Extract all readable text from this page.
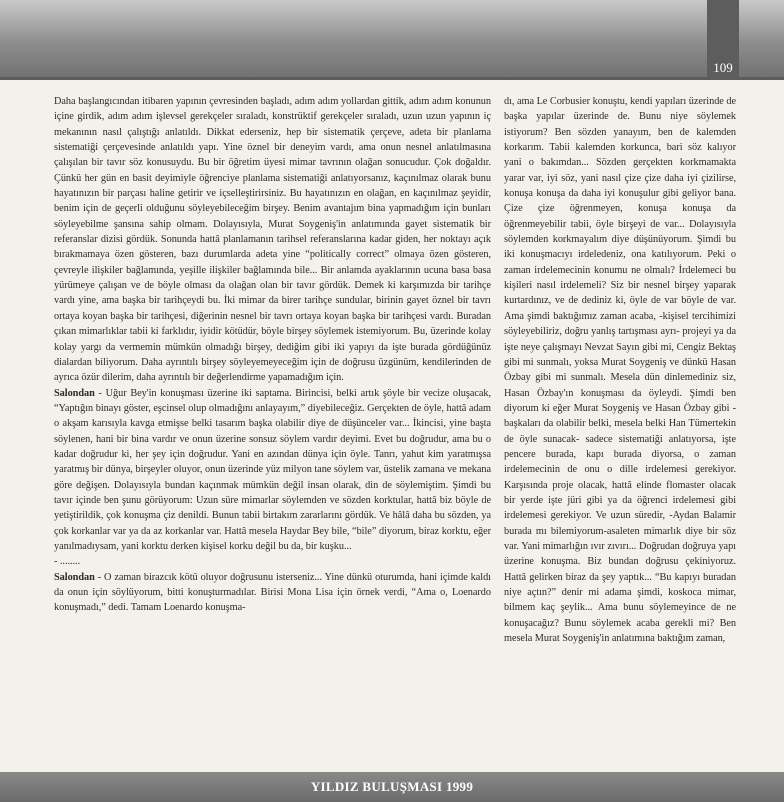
109

Daha başlangıcından itibaren yapının çevresinden başladı, adım adım yollardan gittik, adım adım konunun içine girdik, adım adım işlevsel gerekçeler sıraladı, konstrüktif gerekçeler sıraladı, uzun uzun yapının iç mekanının nasıl çalıştığı anlatıldı. Dikkat ederseniz, hep bir sistematik çerçeve, adeta bir planlama sistematiği çerçevesinde anlatıldı yapı. Yine öznel bir deneyim vardı, ama onun nesnel anlatılmasına çalışılan bir tavır söz konusuydu. Bu bir öğretim üyesi mimar tavrının olağan sonucudur. Çok doğaldır. Çünkü her gün en basit deyimiyle öğrenciye planlama sistematiği anlatıyorsanız, kaçınılmaz olarak bunu hayatınızın bir parçası haline getirir ve içselleştirirsiniz. Bu hayatınızın en olağan, en kaçınılmaz şeyidir, benim için de geçerli olduğunu söyleyebileceğim birşey. Benim avantajım bina yapmadığım için bunları söyleyebilme şansına sahip olmam. Dolayısıyla, Murat Soygeniş'in anlatımında gayet sistematik bir referanslar dizisi gördük. Sonunda hattâ planlamanın tarihsel referanslarına kadar giden, her noktayı açık bırakmamaya özen gösteren, bazı durumlarda adeta yine “politically correct” olmaya özen gösteren, çevreyle ilişkiler bağlamında, yeşille ilişkiler bağlamında bile... Bir anlamda ayaklarının ucuna basa basa yürümeye çalışan ve de böyle olması da olağan olan bir tavır gördük. Demek ki karşımızda bir tarihçe vardı yine, ama başka bir tarihçeydi bu. İki mimar da birer tarihçe sundular, birinin gayet öznel bir tavrı ortaya koyan başka bir tarihçesi, diğerinin nesnel bir tavrı ortaya koyan başka bir tarihçesi vardı. Buradan çıkan mimarlıklar tabii ki farklıdır, iyidir kötüdür, böyle birşey söylemek istemiyorum. Bu, üzerinde kolay kolay yargı da vermemin mümkün olmadığı birşey, dediğim gibi iki yapıyı da işte burada gördüğünüz dialardan biliyorum. Daha ayrıntılı birşey söyleyemeyeceğim için de doğrusu üzgünüm, kendilerinden de ayrıca özür dilerim, daha ayrıntılı bir değerlendirme yapamadığım için.

Salondan - Uğur Bey'in konuşması üzerine iki saptama. Birincisi, belki artık şöyle bir vecize oluşacak, “Yaptığın binayı göster, eşcinsel olup olmadığını anlayayım,” diyebileceğiz. Gerçekten de öyle, hattâ adam o akşam karısıyla kavga etmişse belki tasarım başka olabilir diye de düşünceler var... İkincisi, yine başta söylenen, hani bir bina vardır ve onun üzerine sonsuz söylem vardır deyimi. Evet bu doğrudur, ama bu o kadar doğrudur ki, her şey için doğrudur. Yani en azından dünya için öyle. Tanrı, yahut kim yaratmışsa yaratmış bir dünya, birşeyler oluyor, onun üzerinde yüz milyon tane söylem var, üstelik zamana ve mekana göre değişen. Dolayısıyla bundan kaçınmak mümkün değil insan olarak, din de söylemiştim. Şimdi bu tavır içinde ben şunu görüyorum: Uzun süre mimarlar söylemden ve sözden korktular, hattâ biz böyle de yetiştirildik, çok konuşma çiz denildi. Bunun tabii birtakım zararlarını gördük. Ve hâlâ daha bu sözden, ya çok korkanlar var ya da az korkanlar var. Hattâ mesela Haydar Bey bile, “bile” diyorum, biraz korktu, eğer yanılmadıysam, yani korktu derken kişisel korku değil bu da, bir kuşku...

- ........

Salondan - O zaman birazcık kötü oluyor doğrusunu isterseniz... Yine dünkü oturumda, hani içimde kaldı da onun için söylüyorum, bitti konuşturmadılar. Birisi Mona Lisa için örnek verdi, “Ama o, Loenardo konuşmadı,” dedi. Tamam Loenardo konuşma-

dı, ama Le Corbusier konuştu, kendi yapıları üzerinde de başka yapılar üzerinde de. Bunu niye söylemek istiyorum? Ben sözden yanayım, ben de kalemden korkarım. Tabii kalemden korkunca, bari söz kalıyor yani o bakımdan... Sözden gerçekten korkmamakta yarar var, iyi söz, yani nasıl çize çize daha iyi çizilirse, konuşa konuşa da daha iyi konuşulur gibi geliyor bana. Çize çize öğrenmeyen, konuşa konuşa da öğrenmeyebilir tabii, öyle birşeyi de var... Dolayısıyla söylemden korkmayalım diye düşünüyorum. Şimdi bu iki konuşmacıyı irdeledeniz, ona katılıyorum. Peki o zaman irdelemecinin konumu ne olmalı? İrdelemeci bu kişileri nasıl irdelemeli? Siz bir nesnel birşey yaparak kurtardınız, ve de dediniz ki, öyle de var böyle de var. Ama şimdi baktığımız zaman acaba, -kişisel tercihimizi söyleyebiliriz, doğru yanlış tartışması ayrı- projeyi ya da işte neye çalışmayı Nevzat Sayın gibi mi, Cengiz Bektaş gibi mi sunmalı, yoksa Murat Soygeniş ve dünkü Hasan Özbay gibi mi sunmalı. Mesela dün dinlemediniz siz, Hasan Özbay'ın konuşması da öyleydi. Şimdi ben diyorum ki eğer Murat Soygeniş ve Hasan Özbay gibi -başkaları da olabilir belki, mesela belki Han Tümertekin de öyle sunacak- sadece sistematiği anlatıyorsa, işte pencere burada, kapı burada diyorsa, o zaman irdelemecinin de onu o dille irdelemesi gerekiyor. Karşısında proje olacak, hattâ elinde flomaster olacak bir yerde işte jüri gibi ya da öğrenci irdelemesi gibi irdelemesi gerekiyor. Ve uzun süredir, -Aydan Balamir burada mı bilemiyorum-asaleten mimarlık diye bir söz var. Yani mimarlığın ıvır zıvırı... Doğrudan doğruya yapı üzerine konuşma. Biz bundan doğrusu çekiniyoruz. Hattâ gelirken biraz da şey yaptık... “Bu kapıyı buradan niye açtın?” denir mi adama şimdi, koskoca mimar, bilmem kaç şeylik... Ama bunu söylemeyince de ne konuşacağız? Bunu söylemek acaba gerekli mi? Ben mesela Murat Soygeniş'in anlatımına baktığım zaman,

YILDIZ BULUŞMASI 1999
